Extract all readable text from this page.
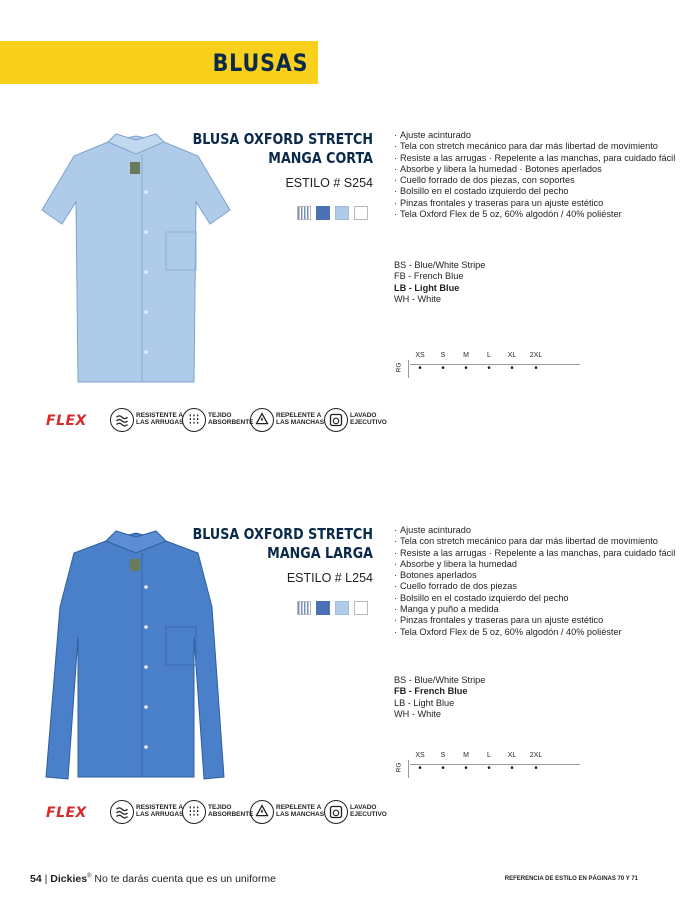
BLUSAS
BLUSA OXFORD STRETCH
MANGA CORTA
ESTILO # S254
· Ajuste acinturado
· Tela con stretch mecánico para dar más libertad de movimiento
· Resiste a las arrugas · Repelente a las manchas, para cuidado fácil
· Absorbe y libera la humedad · Botones aperlados
· Cuello forrado de dos piezas, con soportes
· Bolsillo en el costado izquierdo del pecho
· Pinzas frontales y traseras para un ajuste estético
· Tela Oxford Flex de 5 oz, 60% algodón / 40% poliéster
BS - Blue/White Stripe
FB - French Blue
LB - Light Blue
WH - White
RG
XS	S	M	L	XL	2XL
•	•	•	•	•	•
FLEX	RESISTENTE A
LAS ARRUGAS
TEJIDO
ABSORBENTE
REPELENTE A
LAS MANCHAS
LAVADO
EJECUTIVO
BLUSA OXFORD STRETCH
MANGA LARGA
ESTILO # L254
· Ajuste acinturado
· Tela con stretch mecánico para dar más libertad de movimiento
· Resiste a las arrugas · Repelente a las manchas, para cuidado fácil
· Absorbe y libera la humedad
· Botones aperlados
· Cuello forrado de dos piezas
· Bolsillo en el costado izquierdo del pecho
· Manga y puño a medida
· Pinzas frontales y traseras para un ajuste estético
· Tela Oxford Flex de 5 oz, 60% algodón / 40% poliéster
BS - Blue/White Stripe
FB - French Blue
LB - Light Blue
WH - White
RG
XS	S	M	L	XL	2XL
•	•	•	•	•	•
FLEX	RESISTENTE A
LAS ARRUGAS
TEJIDO
ABSORBENTE
REPELENTE A
LAS MANCHAS
LAVADO
EJECUTIVO
54 | Dickies® No te darás cuenta que es un uniforme	REFERENCIA DE ESTILO EN PÁGINAS 70 Y 71
